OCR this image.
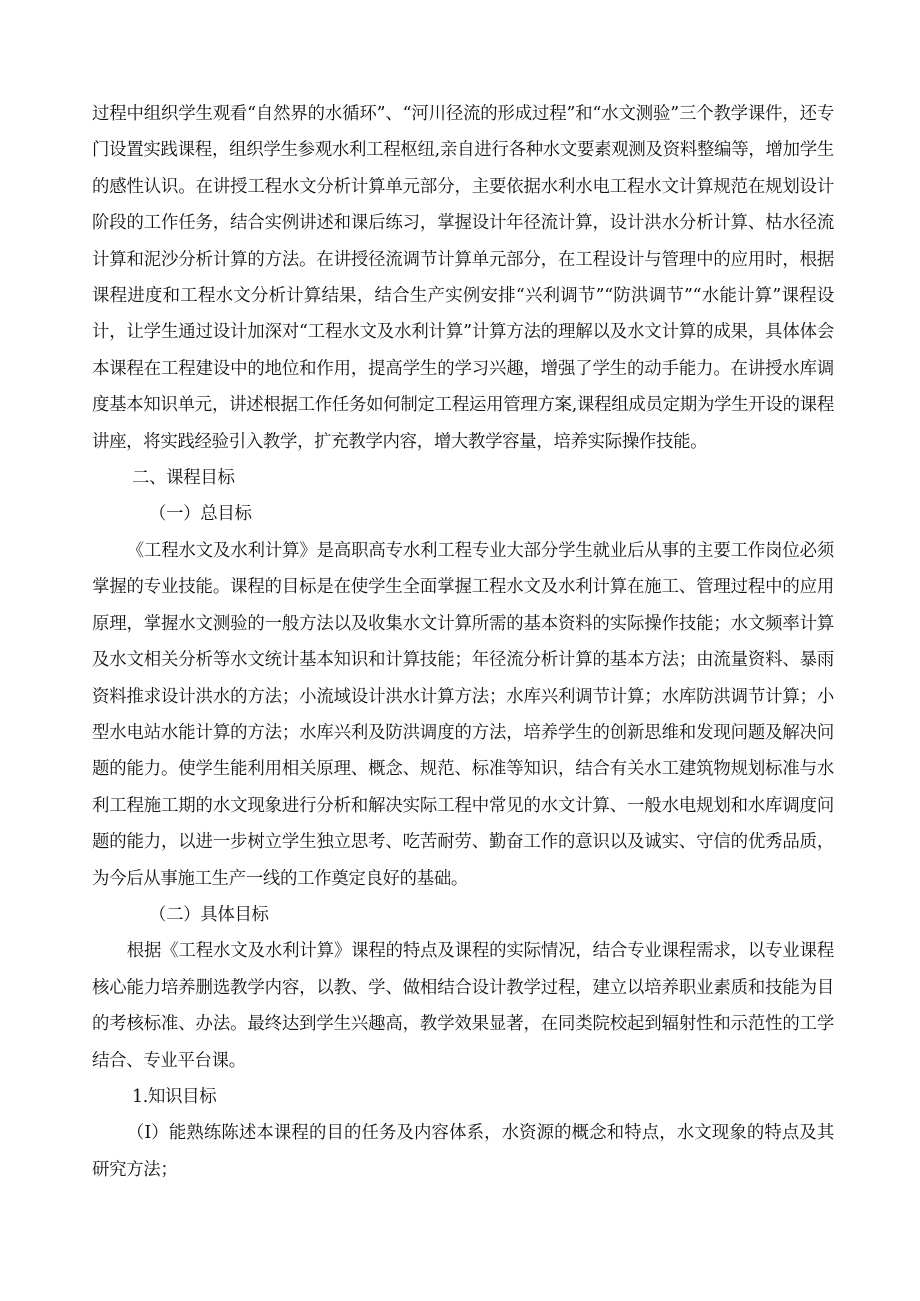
过程中组织学生观看“自然界的水循环”、“河川径流的形成过程”和“水文测验”三个教学课件，还专门设置实践课程，组织学生参观水利工程枢纽,亲自进行各种水文要素观测及资料整编等，增加学生的感性认识。在讲授工程水文分析计算单元部分，主要依据水利水电工程水文计算规范在规划设计阶段的工作任务，结合实例讲述和课后练习，掌握设计年径流计算，设计洪水分析计算、枯水径流计算和泥沙分析计算的方法。在讲授径流调节计算单元部分，在工程设计与管理中的应用时，根据课程进度和工程水文分析计算结果，结合生产实例安排“兴利调节”“防洪调节”“水能计算”课程设计，让学生通过设计加深对“工程水文及水利计算”计算方法的理解以及水文计算的成果，具体体会本课程在工程建设中的地位和作用，提高学生的学习兴趣，增强了学生的动手能力。在讲授水库调度基本知识单元，讲述根据工作任务如何制定工程运用管理方案,课程组成员定期为学生开设的课程讲座，将实践经验引入教学，扩充教学内容，增大教学容量，培养实际操作技能。

二、课程目标

（一）总目标

《工程水文及水利计算》是高职高专水利工程专业大部分学生就业后从事的主要工作岗位必须掌握的专业技能。课程的目标是在使学生全面掌握工程水文及水利计算在施工、管理过程中的应用原理，掌握水文测验的一般方法以及收集水文计算所需的基本资料的实际操作技能；水文频率计算及水文相关分析等水文统计基本知识和计算技能；年径流分析计算的基本方法；由流量资料、暴雨资料推求设计洪水的方法；小流域设计洪水计算方法；水库兴利调节计算；水库防洪调节计算；小型水电站水能计算的方法；水库兴利及防洪调度的方法，培养学生的创新思维和发现问题及解决问题的能力。使学生能利用相关原理、概念、规范、标准等知识，结合有关水工建筑物规划标准与水利工程施工期的水文现象进行分析和解决实际工程中常见的水文计算、一般水电规划和水库调度问题的能力，以进一步树立学生独立思考、吃苦耐劳、勤奋工作的意识以及诚实、守信的优秀品质，为今后从事施工生产一线的工作奠定良好的基础。

（二）具体目标

根据《工程水文及水利计算》课程的特点及课程的实际情况，结合专业课程需求，以专业课程核心能力培养删选教学内容，以教、学、做相结合设计教学过程，建立以培养职业素质和技能为目的考核标准、办法。最终达到学生兴趣高，教学效果显著，在同类院校起到辐射性和示范性的工学结合、专业平台课。

1.知识目标

（I）能熟练陈述本课程的目的任务及内容体系，水资源的概念和特点，水文现象的特点及其研究方法；
